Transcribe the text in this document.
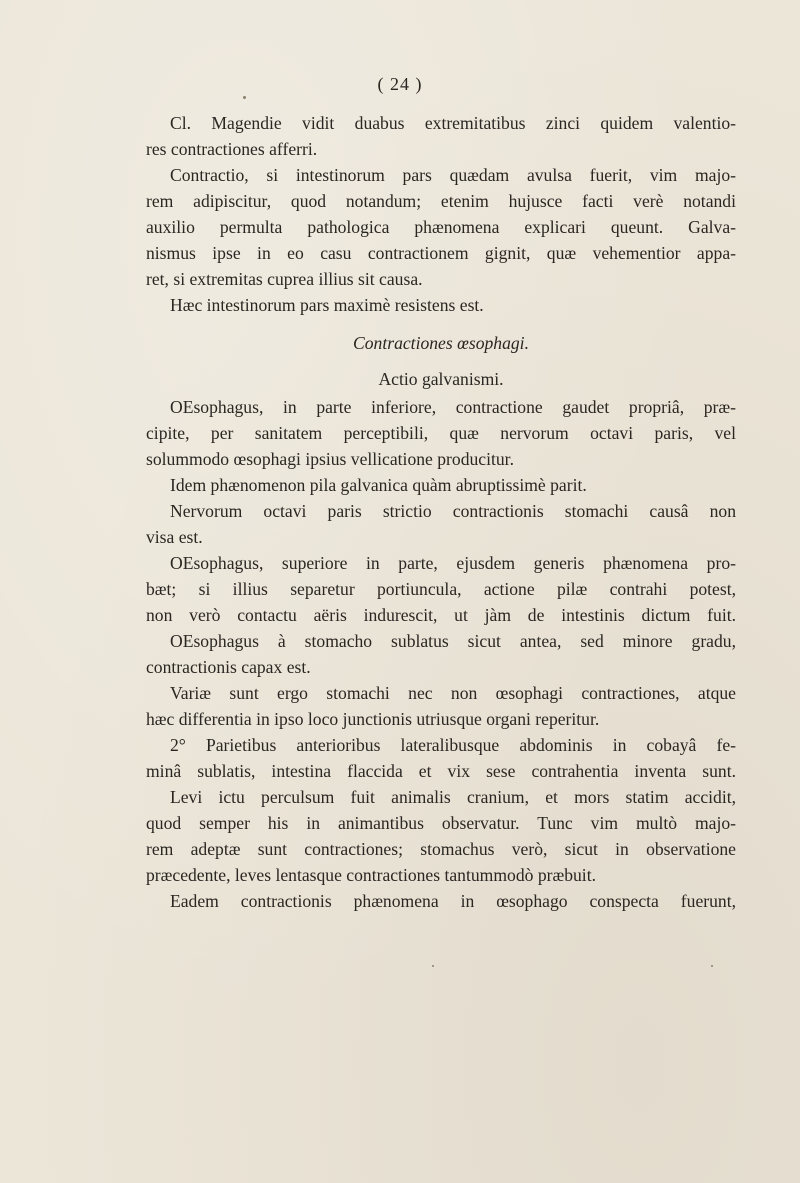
( 24 )
Cl. Magendie vidit duabus extremitatibus zinci quidem valentio-
res contractiones afferri.
Contractio, si intestinorum pars quædam avulsa fuerit, vim majo-
rem adipiscitur, quod notandum; etenim hujusce facti verè notandi
auxilio permulta pathologica phænomena explicari queunt. Galva-
nismus ipse in eo casu contractionem gignit, quæ vehementior appa-
ret, si extremitas cuprea illius sit causa.
Hæc intestinorum pars maximè resistens est.
Contractiones œsophagi.
Actio galvanismi.
OEsophagus, in parte inferiore, contractione gaudet propriâ, præ-
cipite, per sanitatem perceptibili, quæ nervorum octavi paris, vel
solummodo œsophagi ipsius vellicatione producitur.
Idem phænomenon pila galvanica quàm abruptissimè parit.
Nervorum octavi paris strictio contractionis stomachi causâ non
visa est.
OEsophagus, superiore in parte, ejusdem generis phænomena pro-
bæt; si illius separetur portiuncula, actione pilæ contrahi potest,
non verò contactu aëris indurescit, ut jàm de intestinis dictum fuit.
OEsophagus à stomacho sublatus sicut antea, sed minore gradu,
contractionis capax est.
Variæ sunt ergo stomachi nec non œsophagi contractiones, atque
hæc differentia in ipso loco junctionis utriusque organi reperitur.
2° Parietibus anterioribus lateralibusque abdominis in cobayâ fe-
minâ sublatis, intestina flaccida et vix sese contrahentia inventa sunt.
Levi ictu perculsum fuit animalis cranium, et mors statim accidit,
quod semper his in animantibus observatur. Tunc vim multò majo-
rem adeptæ sunt contractiones; stomachus verò, sicut in observatione
præcedente, leves lentasque contractiones tantummodò præbuit.
Eadem contractionis phænomena in œsophago conspecta fuerunt,
